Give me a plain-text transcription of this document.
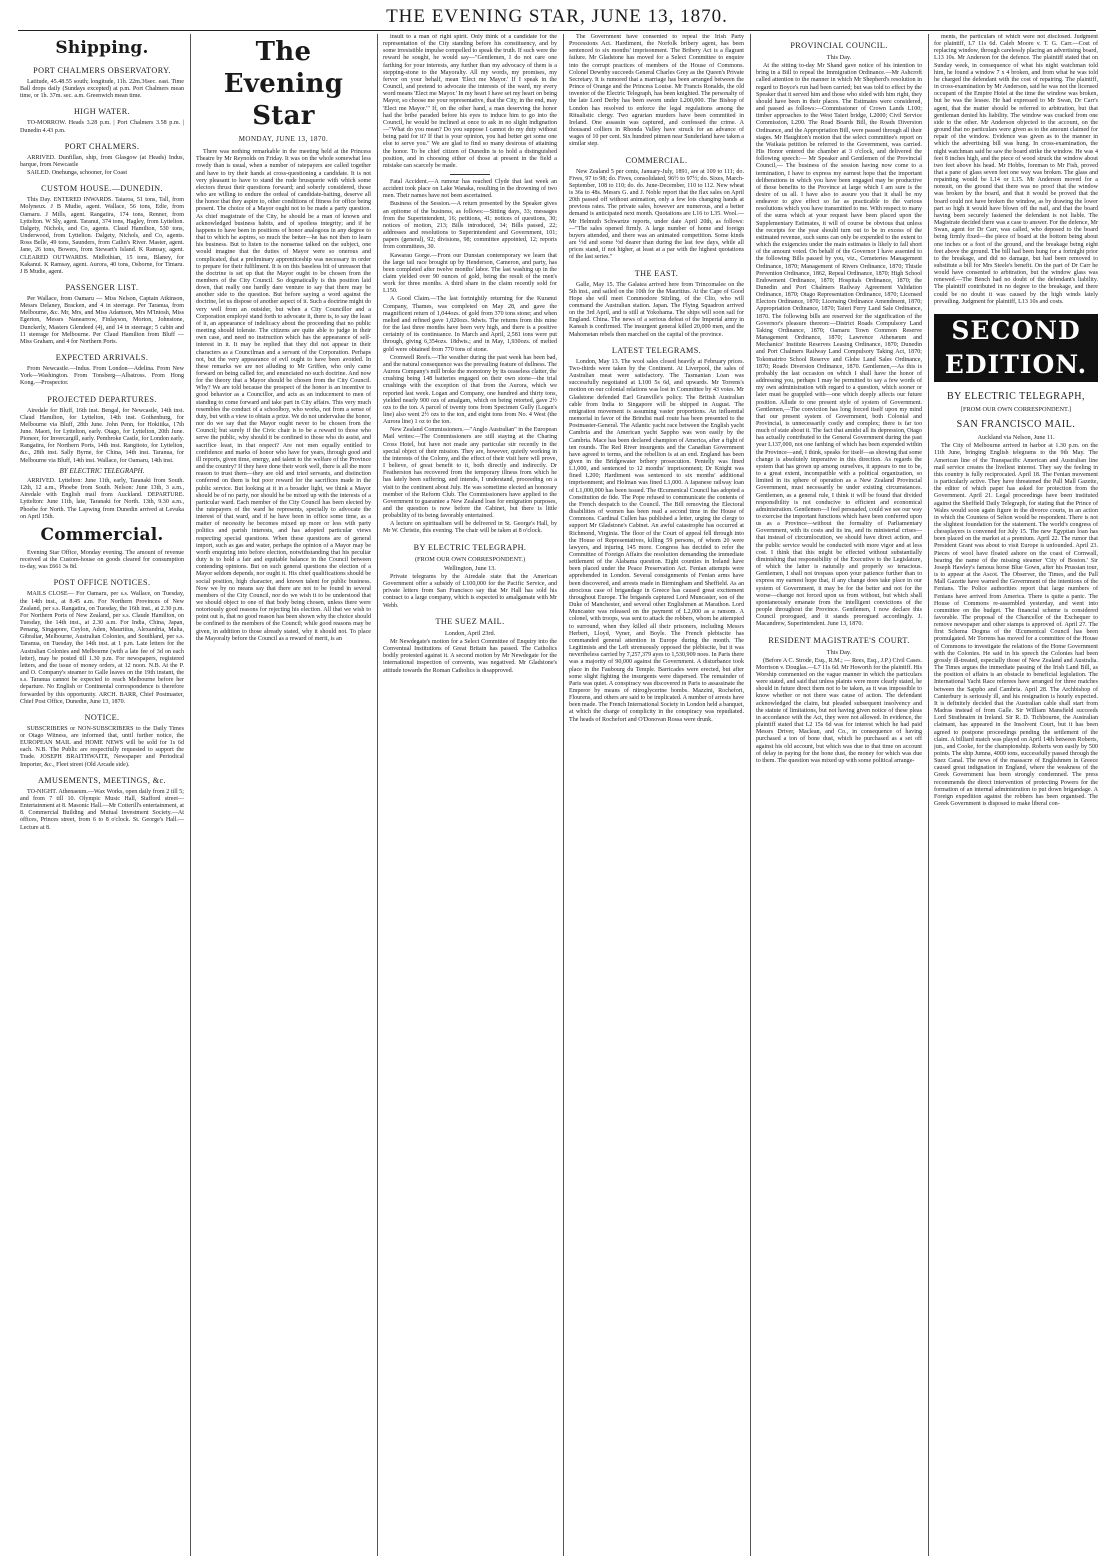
THE EVENING STAR, JUNE 13, 1870.
Shipping.
PORT CHALMERS OBSERVATORY.

Latitude, 45.48.55 south; longitude, 11h. 22m.36sec. east. Time Ball drops daily (Sundays excepted) at p.m. Port Chalmers mean time, or 1h. 37m. sec. a.m. Greenwich mean time.

HIGH WATER.

TO-MORROW. Heads 3.28 p.m. | Port Chalmers 3.58 p.m. | Dunedin 4.43 p.m.

PORT CHALMERS.

ARRIVED. Dunfillan, ship, from Glasgow (at Heads) Indus, barque, from Newcastle

SAILED. Onehunga, schooner, for Coast

CUSTOM HOUSE.—DUNEDIN.

This Day. ENTERED INWARDS. Taiaroa, 51 tons, Tall, from Molyneux. J B Mudie, agent. Wallace, 56 tons, Edie, from Oamaru. J Mills, agent. Rangatira, 174 tons, Renner, from Lyttelton. W Sly, agent. Taranui, 374 tons, Hagley, from Lyttelton. Dalgety, Nichols, and Co, agents. Claud Hamilton, 530 tons, Underwood, from Lyttelton. Dalgety, Nichols, and Co, agents. Ross Belle, 49 tons, Saunders, from Catlin's River. Master, agent. Jane, 26 tons, Bowers, from Stewart's Island. K Ramsay, agent. CLEARED OUTWARDS. Midlothian, 15 tons, Blaney, for Kakanui. K Ramsay, agent. Aurora, 40 tons, Osborne, for Timaru. J B Mudie, agent.

PASSENGER LIST.

Per Wallace, from Oamaru — Miss Nelson, Captain Atkinson, Messrs Delaney, Bracken, and 4 in steerage. Per Taranua, from Melbourne, &c. Mr, Mrs, and Miss Adamson, Mrs M'Intosh, Miss Egerton, Messrs Nanearrow, Finlayson, Morton, Johnstone, Dunckerly, Masters Glendeed (4), and 14 in steerage; 5 cabin and 11 steerage for Melbourne. Per Claud Hamilton from Bluff — Miss Graham, and 4 for Northern Ports.

EXPECTED ARRIVALS.

From Newcastle.—Indus. From London—Adelina. From New York—Washington. From Tonsberg—Albatross. From Hong Kong.—Prospector.

PROJECTED DEPARTURES.

Airedale for Bluff, 16th inst. Bengal, for Newcastle, 14th inst. Claud Hamilton, for Lyttelton, 14th inst. Gothenburg, for Melbourne via Bluff, 28th June. John Penn, for Hokitika, 17th June. Maori, for Lyttelton, early. Otago, for Lyttelton, 20th June. Pioneer, for Invercargill, early. Pembroke Castle, for London early. Rangatira, for Northern Ports, 14th inst. Rangitoto, for Lyttelton, &c., 28th inst. Sally Byrne, for China, 14th inst. Taranua, for Melbourne via Bluff, 14th inst. Wallace, for Oamaru, 14th inst.

BY ELECTRIC TELEGRAPH.

ARRIVED. Lyttelton: June 11th, early, Taranaki from South. 12th, 12 a.m., Phoebe from South. Nelson: June 13th, 3 a.m., Airedale with English mail from Auckland. DEPARTURE. Lyttelton: June 11th, late, Taranaki for North. 13th, 9.30 a.m., Phoebe for North. The Lapwing from Dunedin arrived at Levuka on April 15th.

Commercial.

Evening Star Office, Monday evening. The amount of revenue received at the Custom-house on goods cleared for consumption to-day, was £661 3s 8d.

POST OFFICE NOTICES.

MAILS CLOSE— For Oamaru, per s.s. Wallace, on Tuesday, the 14th inst., at 8.45 a.m. For Northern Provinces of New Zealand, per s.s. Rangatira, on Tuesday, the 16th inst., at 2.30 p.m. For Northern Ports of New Zealand, per s.s. Claude Hamilton, on Tuesday, the 14th inst., at 2.30 a.m. For India, China, Japan, Penang, Singapore, Ceylon, Aden, Mauritius, Alexandria, Malta, Gibraltar, Melbourne, Australian Colonies, and Southland, per s.s. Taranua, on Tuesday, the 14th inst. at 1 p.m. Late letters for the Australian Colonies and Melbourne (with a late fee of 3d on each letter), may be posted till 1.30 p.m. For newspapers, registered letters, and the issue of money orders, at 12 noon. N.B. At the P. and O. Company's steamer to Galle leaves on the 19th instant, the s.s. Taranua cannot be expected to reach Melbourne before her departure. No English or Continental correspondence is therefore forwarded by this opportunity. ARCH. BARR, Chief Postmaster, Chief Post Office, Dunedin, June 13, 1870.

NOTICE.

SUBSCRIBERS or NON-SUBSCRIBERS to the Daily Times or Otago Witness, are informed that, until further notice, the EUROPEAN MAIL and HOME NEWS will be sold for 1s 6d each. N.B. The Public are respectfully requested to support the Trade. JOSEPH BRAITHWAITE, Newspaper and Periodical Importer, &c., Fleet street (Old Arcade side).

AMUSEMENTS, MEETINGS, &c.

TO-NIGHT. Athenaeum.—Wax Works, open daily from 2 till 5; and from 7 till 10. Olympic Music Hall, Stafford street—Entertainment at 8. Masonic Hall.—Mr Cotterill's entertainment, at 8. Commercial Building and Mutual Investment Society.—At offices, Princes street, from 6 to 8 o'clock. St. George's Hall.—Lecture at 8.

The Evening Star
MONDAY, JUNE 13, 1870.

There was nothing remarkable in the meeting held at the Princess Theatre by Mr Reynolds on Friday. It was on the whole somewhat less rowdy than is usual, when a number of ratepayers are called together and have to try their hands at cross-questioning a candidate. It is not very pleasant to have to stand the rude brusquerie with which some electors thrust their questions forward; and soberly considered, those who are willing to endure the ordeal of candidate-baiting, deserve all the honor that they aspire to, other conditions of fitness for office being present. The choice of a Mayor ought not to be made a party question. As chief magistrate of the City, he should be a man of known and acknowledged business habits, and of spotless integrity; and if he happens to have been in positions of honor analogous in any degree to that to which he aspires, so much the better—he has not then to learn his business. But to listen to the nonsense talked on the subject, one would imagine that the duties of Mayor were so onerous and complicated, that a preliminary apprenticeship was necessary in order to prepare for their fulfilment. It is on this baseless bit of unreason that the doctrine is set up that the Mayor ought to be chosen from the members of the City Council. So dogmatically is this position laid down, that really one hardly dare venture to say that there may be another side to the question. But before saying a word against the doctrine, let us dispose of another aspect of it. Such a doctrine might do very well from an outsider, but when a City Councillor and a Corporation employé stand forth to advocate it, there is, to say the least of it, an appearance of indelicacy about the proceeding that no public meeting should tolerate. The citizens are quite able to judge in their own case, and need no instruction which has the appearance of self-interest in it. It may be replied that they did not appear in their characters as a Councilman and a servant of the Corporation. Perhaps not, but the very appearance of evil ought to have been avoided. In these remarks we are not alluding to Mr Griffen, who only came forward on being called for, and enunciated no such doctrine. And now for the theory that a Mayor should be chosen from the City Council. Why? We are told because the prospect of the honor is an incentive to good behavior as a Councillor, and acts as an inducement to men of standing to come forward and take part in City affairs. This very much resembles the conduct of a schoolboy, who works, not from a sense of duty, but with a view to obtain a prize. We do not undervalue the honor, nor do we say that the Mayor ought never to be chosen from the Council; but surely if the Civic chair is to be a reward to those who serve the public, why should it be confined to those who do assist, and sacrifice least, in that respect? Are not men equally entitled to confidence and marks of honor who have for years, through good and ill reports, given time, energy, and talent to the welfare of the Province and the country? If they have done their work well, there is all the more reason to trust them—they are old and tried servants, and distinction conferred on them is but poor reward for the sacrifices made in the public service. But looking at it in a broader light, we think a Mayor should be of no party, nor should he be mixed up with the interests of a particular ward. Each member of the City Council has been elected by the ratepayers of the ward he represents, specially to advocate the interest of that ward, and if he have been in office some time, as a matter of necessity he becomes mixed up more or less with party politics and parish interests, and has adopted particular views respecting special questions. When these questions are of general import, such as gas and water, perhaps the opinion of a Mayor may be worth enquiring into before election, notwithstanding that his peculiar duty is to hold a fair and equitable balance in the Council between contending opinions. But on such general questions the election of a Mayor seldom depends, nor ought it. His chief qualifications should be social position, high character, and known talent for public business. Now we by no means say that there are not to be found in several members of the City Council, nor do we wish it to be understood that we should object to one of that body being chosen, unless there were notoriously good reasons for rejecting his election. All that we wish to point out is, that no good reason has been shown why the choice should be confined to the members of the Council; while good reasons may be given, in addition to those already stated, why it should not. To place the Mayoralty before the Council as a reward of merit, is an

insult to a man of right spirit. Only think of a candidate for the representation of the City standing before his constituency, and by some irresistible impulse compelled to speak the truth. If such were the reward he sought, he would say—"Gentlemen, I do not care one farthing for your interests, any further than my advocacy of them is a stepping-stone to the Mayoralty. All my words, my promises, my fervor on your behalf, mean 'Elect me Mayor.' If I speak in the Council, and pretend to advocate the interests of the ward, my every word means 'Elect me Mayor.' In my heart I have set my heart on being Mayor, so choose me your representative, that the City, in the end, may 'Elect me Mayor.'" If, on the other hand, a man deserving the honor had the bribe paraded before his eyes to induce him to go into the Council, he would be inclined at once to ask in no slight indignation—"What do you mean? Do you suppose I cannot do my duty without being paid for it? If that is your opinion, you had better get some one else to serve you." We are glad to find so many desirous of attaining the honor. To be chief citizen of Dunedin is to hold a distinguished position, and in choosing either of those at present in the field a mistake can scarcely be made.

Fatal Accident.—A rumour has reached Clyde that last week an accident took place on Lake Wanaka, resulting in the drowning of two men. Their names have not been ascertained.

Business of the Session.—A return presented by the Speaker gives an epitome of the business, as follows:—Sitting days, 33; messages from the Superintendent, 16; petitions, 41; notices of questions, 30; notices of motion, 213; Bills introduced, 34; Bills passed, 22; addresses and resolutions to Superintendent and Government, 101; papers (general), 92; divisions, 98; committee appointed, 12; reports from committees, 30.

Kawarau Gorge.—From our Dunstan contemporary we learn that the large tail race brought up by Henderson, Cameron, and party, has been completed after twelve months' labor. The last washing up in the claim yielded over 90 ounces of gold, being the result of the men's work for three months. A third share in the claim recently sold for L150.

A Good Claim.—The last fortnightly returning for the Kuranui Company, Thames, was completed on May 28, and gave the magnificent return of 1,044ozs. of gold from 370 tons stone; and when melted and refined gave 1,020ozs. 9dwts. The returns from this mine for the last three months have been very high, and there is a positive certainty of its continuance. In March and April, 2,581 tons were put through, giving 6,354ozs. 18dwts.; and in May, 1,930ozs. of melted gold were obtained from 770 tons of stone.

Cromwell Reefs.—The weather during the past week has been bad, and the natural consequence was the prevailing feature of dullness. The Aurora Company's mill broke the monotony by its ceaseless clatter, the crushing being 148 batteries engaged on their own stone—the trial crushings with the exception of that from the Aurora, which we reported last week. Logan and Company, one hundred and thirty tons, yielded nearly 900 ozs of amalgam, which on being retorted, gave 2½ ozs to the ton. A parcel of twenty tons from Specimen Gully (Logan's line) also went 2½ ozs to the ton, and eight tons from No. 4 West (the Aurora line) 1 oz to the ton.

New Zealand Commissioners.—"Anglo Australian" in the European Mail writes:—The Commissioners are still staying at the Charing Cross Hotel, but have not made any particular stir recently in the special object of their mission. They are, however, quietly working in the interests of the Colony, and the effect of their visit here will prove, I believe, of great benefit to it, both directly and indirectly. Dr Featherston has recovered from the temporary illness from which he has lately been suffering, and intends, I understand, proceeding on a visit to the continent about July. He was sometime elected an honorary member of the Reform Club. The Commissioners have applied to the Government to guarantee a New Zealand loan for emigration purposes, and the question is now before the Cabinet, but there is little probability of its being favorably entertained.

A lecture on spiritualism will be delivered in St. George's Hall, by Mr W. Christie, this evening. The chair will be taken at 8 o'clock.

BY ELECTRIC TELEGRAPH.
(FROM OUR OWN CORRESPONDENT.)
Wellington, June 13.

Private telegrams by the Airedale state that the American Government offer a subsidy of L100,000 for the Pacific Service, and private letters from San Francisco say that Mr Hall has sold his contract to a large company, which is expected to amalgamate with Mr Webb.

THE SUEZ MAIL.
London, April 23rd.

Mr Newdegate's motion for a Select Committee of Enquiry into the Conventual Institutions of Great Britain has passed. The Catholics bodily protested against it. A second motion by Mr Newdegate for the international inspection of convents, was negatived. Mr Gladstone's attitude towards the Roman Catholics is disapproved.

The Government have consented to repeal the Irish Party Processions Act. Hardiment, the Norfolk bribery agent, has been sentenced to six months' imprisonment. The Bribery Act is a flagrant failure. Mr Gladstone has moved for a Select Committee to enquire into the corrupt practices of members of the House of Commons. Colonel Dewnby succeeds General Charles Grey as the Queen's Private Secretary. It is rumored that a marriage has been arranged between the Prince of Orange and the Princess Louise. Mr Francis Ronalds, the old inventor of the Electric Telegraph, has been knighted. The personalty of the late Lord Derby has been sworn under L200,000. The Bishop of London has resolved to enforce the legal regulations among the Ritualistic clergy. Two agrarian murders have been committed in Ireland. One assassin was captured, and confessed the crime. A thousand colliers in Rhonda Valley have struck for an advance of wages of 10 per cent. Six hundred pitmen near Sunderland have taken a similar step.

COMMERCIAL.

New Zealand 5 per cents, January-July, 1891, are at 109 to 111; do. Fives, 97 to 98; do. Fives, consolidated, 96½ to 97½; do. Sixes, March-September, 108 to 110; do. do. June-December, 110 to 112. New wheat is 36s to 48s. Messrs G. and J. Noble report that the flax sales on April 20th passed off without animation, only a few lots changing hands at previous rates. The private sales, however are numerous, and a better demand is anticipated next month. Quotations are L16 to L35. Wool.—Mr Helmuth Schwartze reports, under date April 20th, as follows:—"The sales opened firmly. A large number of home and foreign buyers attended, and there was an animated competition. Some kinds are ½d and some ½d dearer than during the last few days, while all prices stand, if not higher, at least at a par with the highest quotations of the last series."

THE EAST.

Galle, May 15. The Galatea arrived here from Trincomalee on the 5th inst., and sailed on the 10th for the Mauritius. At the Cape of Good Hope she will meet Commodore Stirling, of the Clio, who will command the Australian station. Japan. The Flying Squadron arrived on the 3rd April, and is still at Yokohama. The ships will soon sail for England. China. The news of a serious defeat of the Imperial army in Kansuh is confirmed. The insurgent general killed 20,000 men, and the Mahometan rebels then marched on the capital of the province.

LATEST TELEGRAMS.

London, May 13. The wool sales closed heavily at February prices. Two-thirds were taken by the Continent. At Liverpool, the sales of Australian meat were satisfactory. The Tasmanian Loan was successfully negotiated at L100 5s 6d, and upwards. Mr Torrens's motion on our colonial relations was lost in Committee by 43 votes. Mr Gladstone defended Earl Granville's policy. The British Australian cable from India to Singapore will be shipped in August. The emigration movement is assuming vaster proportions. An influential memorial in favor of the Brindisi mail route has been presented to the Postmaster-General. The Atlantic yacht race between the English yacht Cambria and the American yacht Sappho was won easily by the Cambria. Mace has been declared champion of America, after a fight of ten rounds. The Red River insurgents and the Canadian Government have agreed to terms, and the rebellion is at an end. England has been given in the Bridgewater bribery prosecution. Pentelly was fined L1,000, and sentenced to 12 months' imprisonment; Dr Knight was fined L200; Hardiment was sentenced to six months' additional imprisonment; and Holman was fined L1,000. A Japanese railway loan of L1,000,000 has been issued. The Œcumenical Council has adopted a Constitution de fide. The Pope refused to communicate the contents of the French despatch to the Council. The Bill removing the Electoral disabilities of women has been read a second time in the House of Commons. Cardinal Cullen has published a letter, urging the clergy to support Mr Gladstone's Cabinet. An awful catastrophe has occurred at Richmond, Virginia. The floor of the Court of appeal fell through into the House of Representatives, killing 59 persons, of whom 20 were lawyers, and injuring 145 more. Congress has decided to refer the Committee of Foreign Affairs the resolution demanding the immediate settlement of the Alabama question. Eight counties in Ireland have been placed under the Peace Preservation Act. Fenian attempts were apprehended in London. Several consignments of Fenian arms have been discovered, and arrests made in Birmingham and Sheffield. As an atrocious case of brigandage in Greece has caused great excitement throughout Europe. The brigands captured Lord Muncaster, son of the Duke of Manchester, and several other Englishmen at Marathon. Lord Muncaster was released on the payment of L2,000 as a ransom. A colonel, with troops, was sent to attack the robbers, whom he attempted to surround, when they killed all their prisoners, including Messrs Herbert, Lloyd, Vyner, and Boyle. The French plebiscite has commanded general attention in Europe during the month. The Legitimists and the Left strenuously opposed the plébiscite, but it was nevertheless carried by 7,257,379 ayes to 1,530,909 noes. In Paris there was a majority of 90,000 against the Government. A disturbance took place in the Faubourg du Temple. Barricades were erected, but after some slight fighting the insurgents were dispersed. The remainder of Paris was quiet. A conspiracy was discovered in Paris to assassinate the Emperor by means of nitroglycerine bombs. Mazzini, Rochefort, Flourens, and others are said to be implicated. A number of arrests have been made. The French International Society in London held a banquet, at which the charge of complicity in the conspiracy was repudiated. The heads of Rochefort and O'Donovan Rossa were drunk.

PROVINCIAL COUNCIL.
This Day.

At the sitting to-day Mr Shand gave notice of his intention to bring in a Bill to repeal the Immigration Ordinance.—Mr Ashcroft called attention to the manner in which Mr Shepherd's resolution in regard to Boyce's run had been carried; but was told to effect by the Speaker that it served him and those who sided with him right, they should have been in their places. The Estimates were considered, and passed as follows:—Commissioner of Crown Lands L100; timber approaches to the West Taieri bridge, L2000; Civil Service Commission, L200. The Road Boards Bill, the Roads Diversion Ordinance, and the Appropriation Bill, were passed through all their stages. Mr Haughton's motion that the select committee's report on the Waikaia petition be referred to the Government, was carried. His Honor entered the chamber at 3 o'clock, and delivered the following speech:— Mr Speaker and Gentlemen of the Provincial Council,— The business of the session having now come to a termination, I have to express my earnest hope that the important deliberations in which you have been engaged may be productive of those benefits to the Province at large which I am sure is the desire of us all. I have also to assure you that it shall be my endeavor to give effect so far as practicable to the various resolutions which you have transmitted to me. With respect to many of the sums which at your request have been placed upon the Supplementary Estimates, it will of course be obvious that unless the receipts for the year should turn out to be in excess of the estimated revenue, such sums can only be expended to the extent to which the exigencies under the main estimates is likely to fall short of the amount voted. On behalf of the Governor I have assented to the following Bills passed by you, viz., Cemeteries Management Ordinance, 1870; Management of Rivers Ordinance, 1870; Thistle Prevention Ordinance, 1862, Repeal Ordinance, 1870; High School Endowment Ordinance, 1870; Hospitals Ordinance, 1870; the Dunedin and Port Chalmers Railway Agreement Validation Ordinance, 1870; Otago Representation Ordinance, 1870; Licensed Electors Ordinance, 1870; Licensing Ordinance Amendment, 1870; Appropriation Ordinance, 1870; Taieri Ferry Land Sale Ordinance, 1870. The following bills are reserved for the signification of the Governor's pleasure thereon:—District Roads Compulsory Land Taking Ordinance, 1870; Oamaru Town Common Reserve Management Ordinance, 1870; Lawrence Athenæum and Mechanics' Institute Reserves Leasing Ordinance, 1870; Dunedin and Port Chalmers Railway Land Compulsory Taking Act, 1870; Tokomairiro School Reserve and Globe Land Sales Ordinance, 1870; Roads Diversion Ordinance, 1870. Gentlemen,—As this is probably the last occasion on which I shall have the honor of addressing you, perhaps I may be permitted to say a few words of my own administration with regard to a question, which sooner or later must be grappled with—one which deeply affects our future position. Allude to one present style of system of Government. Gentlemen,—The conviction has long forced itself upon my mind that our present system of Government, both Colonial and Provincial, is unnecessarily costly and complex; there is far too much of state about it. The fact that amidst all its depression, Otago has actually contributed to the General Government during the past year L137,000, not one farthing of which has been expended within the Province—and, I think, speaks for itself—as showing that some change is absolutely imperative in this direction. As regards the system that has grown up among ourselves, it appears to me to be, to a great extent, incompatible with a political organization, so limited in its sphere of operation as a New Zealand Provincial Government, must necessarily be under existing circumstances. Gentlemen, as a general rule, I think it will be found that divided responsibility is not conducive to efficient and economical administration. Gentlemen—I feel persuaded, could we see our way to exercise the important functions which have been conferred upon us as a Province—without the formality of Parliamentary Government, with its costs and its ins, and its ministerial crises—that instead of circumlocution, we should have direct action, and the public service would be conducted with more vigor and at less cost. I think that this might be effected without substantially diminishing that responsibility of the Executive to the Legislature, of which the latter is naturally and properly so tenacious. Gentlemen, I shall not trespass upon your patience further than to express my earnest hope that, if any change does take place in our system of Government, it may be for the better and not for the worse—change not forced upon us from without, but which shall spontaneously emanate from the intelligent convictions of the people throughout the Province. Gentlemen, I now declare this Council prorogued, and it stands prorogued accordingly. J. Macandrew, Superintendent. June 13, 1870.

RESIDENT MAGISTRATE'S COURT.
This Day.

(Before A C. Strode, Esq., R.M.; — Rees, Esq., J.P.) Civil Cases. Morrison v. Douglas.—L7 11s 6d. Mr Howorth for the plaintiff. His Worship commented on the vague manner in which the particulars were stated, and said that unless plaints were more clearly stated, he should in future direct them not to be taken, as it was impossible to know whether or not there was cause of action. The defendant acknowledged the claim, but pleaded subsequent insolvency and the statute of limitations, but not having given notice of these pleas in accordance with the Act, they were not allowed. In evidence, the plaintiff stated that L2 15s 6d was for interest which he had paid Messrs Driver, Maclean, and Co., in consequence of having purchased a ton of bone dust, which he purchased as a set off against his old account, but which was due to that time on account of delay in paying for the bone dust, the money for which was due to them. The question was mixed up with some political arrange-

ments, the particulars of which were not disclosed. Judgment for plaintiff, L7 11s 6d. Caleb Moore v. T. G. Carr.—Cost of replacing window, through carelessly placing an advertising board, L13 10s. Mr Anderson for the defence. The plaintiff stated that on Sunday week, in consequence of what his night watchman told him, he found a window 7 x 4 broken, and from what he was told he charged the defendant with the cost of repairing. The plaintiff, in cross-examination by Mr Anderson, said he was not the licensed occupant of the Empire Hotel at the time the window was broken, but he was the lessee. He had expressed to Mr Swan, Dr Carr's agent, that the matter should be referred to arbitration, but that gentleman denied his liability. The window was cracked from one side to the other. Mr Anderson objected to the account, on the ground that no particulars were given as to the amount claimed for repair of the window. Evidence was given as to the manner in which the advertising bill was hung. In cross-examination, the night watchman said he saw the board strike the window. He was 4 feet 8 inches high, and the piece of wood struck the window about two feet above his head. Mr Hobbs, foreman to Mr Fish, proved that a pane of glass seven feet one way was broken. The glass and repainting would be L14 or L15. Mr Anderson moved for a nonsuit, on the ground that there was no proof that the window was broken by the board, and that it would be proved that the board could not have broken the window, as by drawing the lower part so high it would have blown off the nail, and that the board having been securely fastened the defendant is not liable. The Magistrate decided there was a case to answer. For the defence, Mr Swan, agent for Dr Carr, was called, who deposed to the board being firmly fixed—the piece of board at the bottom being about one inches or a foot of the ground, and the breakage being eight feet above the ground. The bill had been hung for a fortnight prior to the breakage, and did no damage, but had been removed to substitute a bill for Mrs Steele's benefit. On the part of Dr Carr he would have consented to arbitration, but the window glass was renewed.—The Bench had no doubt of the defendant's liability. The plaintiff contributed in no degree to the breakage, and there could be no doubt it was caused by the high winds lately prevailing. Judgment for plaintiff, L13 10s and costs.

SECOND EDITION.
BY ELECTRIC TELEGRAPH,
[FROM OUR OWN CORRESPONDENT.]
SAN FRANCISCO MAIL.
Auckland via Nelson, June 11.

The City of Melbourne arrived in harbor at 1.30 p.m. on the 11th June, bringing English telegrams to the 9th May. The American line of the Transpacific American and Australian line mail service creates the liveliest interest. They say the feeling in this country is fully reciprocated. April 18. The Fenian movement is particularly active. They have threatened the Pall Mall Gazette, the editor of which paper has asked for protection from the Government. April 21. Legal proceedings have been instituted against the Sheffield Daily Telegraph, for stating that the Prince of Wales would soon again figure in the divorce courts, in an action in which the Countess of Selton would be respondent. There is not the slightest foundation for the statement. The world's congress of chessplayers is convened for July 15. The new Egyptian loan has been placed on the market at a premium. April 22. The rumor that President Grant was about to visit Europe is unfounded. April 23. Pieces of wool have floated ashore on the coast of Cornwall, bearing the name of the missing steamer 'City of Boston.' Sir Joseph Hawley's famous horse Blue Gown, after his Prussian tour, is to appear at the Ascot. The Observer, the Times, and the Pall Mall Gazette have warned the Government of the intentions of the Fenians. The Police authorities report that large numbers of Fenians have arrived from America. There is quite a panic. The House of Commons re-assembled yesterday, and went into committee on the budget. The financial scheme is considered favorable. The proposal of the Chancellor of the Exchequer to remove newspaper and other stamps is approved of. April 27. The first Schema Dogma of the Œcumenical Council has been promulgated. Mr Torrens has moved for a committee of the House of Commons to investigate the relations of the Home Government with the Colonies. He said in his speech the Colonies had been grossly ill-treated, especially those of New Zealand and Australia. The Times argues the immediate passing of the Irish Land Bill, as the position of affairs is an obstacle to beneficial legislation. The International Yacht Race referees have arranged for three matches between the Sappho and Cambria. April 28. The Archbishop of Canterbury is seriously ill, and his resignation is hourly expected. It is definitely decided that the Australian cable shall start from Madras instead of from Galle. Sir William Mansfield succeeds Lord Strathnairn in Ireland. Sir R. D. Tichbourne, the Australian claimant, has appeared in the Insolvent Court, but it has been agreed to postpone proceedings pending the settlement of the claim. A billiard match was played on April 14th between Roberts, jun., and Cooke, for the championship. Roberts won easily by 500 points. The ship Jumna, 4000 tons, successfully passed through the Suez Canal. The news of the massacre of Englishmen in Greece caused great indignation in England, where the weakness of the Greek Government has been strongly condemned. The press recommends the direct intervention of protecting Powers for the formation of an internal administration to put down brigandage. A Foreign expedition against the robbers has been organised. The Greek Government is disposed to make liberal con-
